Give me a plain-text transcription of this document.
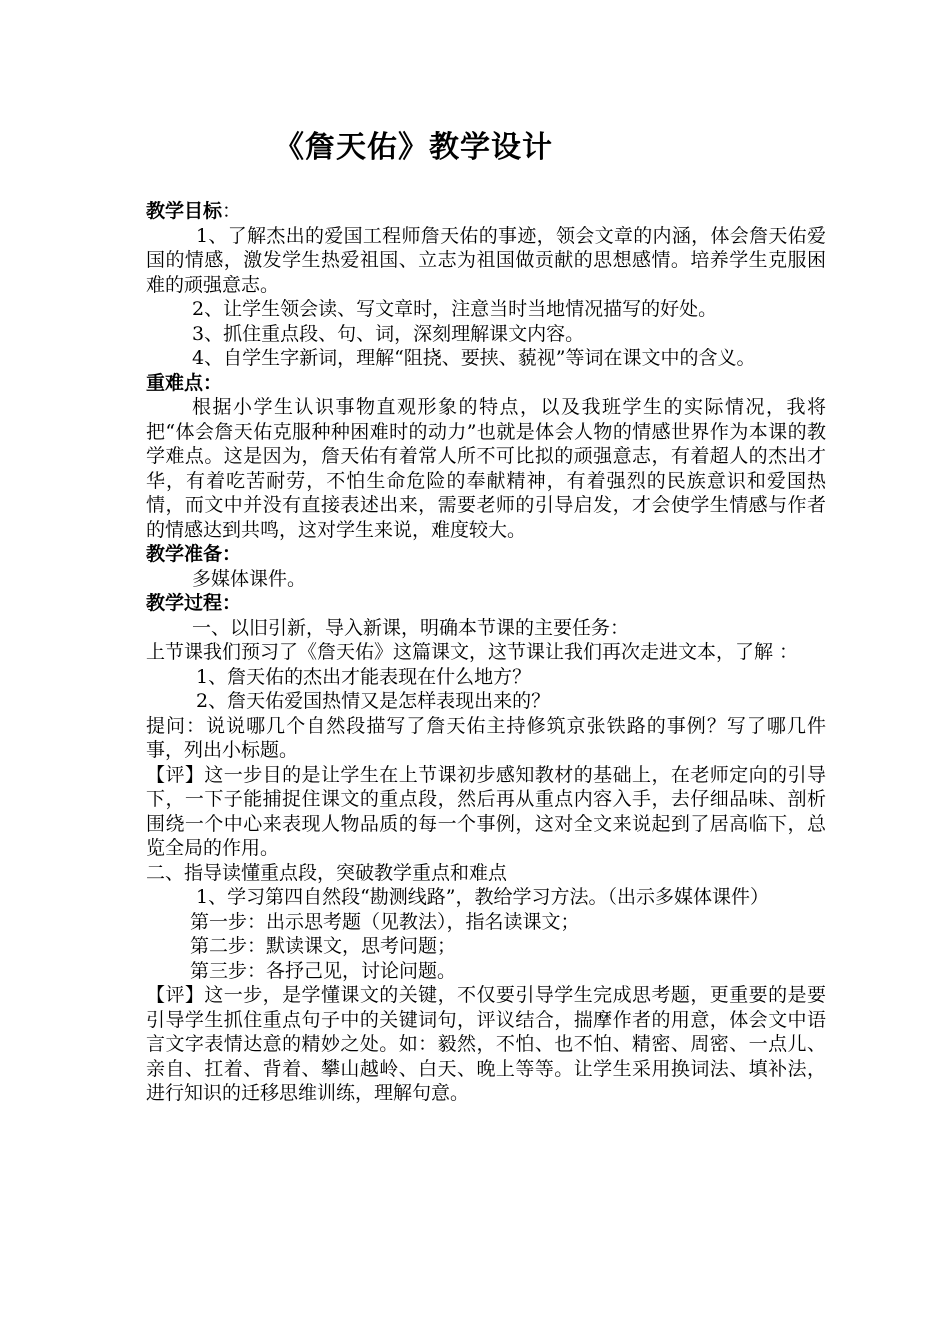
《詹天佑》教学设计
教学目标：

1、了解杰出的爱国工程师詹天佑的事迹，领会文章的内涵，体会詹天佑爱国的情感，激发学生热爱祖国、立志为祖国做贡献的思想感情。培养学生克服困难的顽强意志。

2、让学生领会读、写文章时，注意当时当地情况描写的好处。

3、抓住重点段、句、词，深刻理解课文内容。

4、自学生字新词，理解“阻挠、要挟、藐视”等词在课文中的含义。

重难点：

根据小学生认识事物直观形象的特点，以及我班学生的实际情况，我将把“体会詹天佑克服种种困难时的动力”也就是体会人物的情感世界作为本课的教学难点。这是因为，詹天佑有着常人所不可比拟的顽强意志，有着超人的杰出才华，有着吃苦耐劳，不怕生命危险的奉献精神，有着强烈的民族意识和爱国热情，而文中并没有直接表述出来，需要老师的引导启发，才会使学生情感与作者的情感达到共鸣，这对学生来说，难度较大。

教学准备：

多媒体课件。

教学过程：

一、以旧引新，导入新课，明确本节课的主要任务：

上节课我们预习了《詹天佑》这篇课文，这节课让我们再次走进文本，了解 ：

1、詹天佑的杰出才能表现在什么地方？

2、詹天佑爱国热情又是怎样表现出来的？

提问：说说哪几个自然段描写了詹天佑主持修筑京张铁路的事例？写了哪几件事，列出小标题。

【评】这一步目的是让学生在上节课初步感知教材的基础上，在老师定向的引导下，一下子能捕捉住课文的重点段，然后再从重点内容入手，去仔细品味、剖析围绕一个中心来表现人物品质的每一个事例，这对全文来说起到了居高临下，总览全局的作用。

二、指导读懂重点段，突破教学重点和难点

1、学习第四自然段“勘测线路”，教给学习方法。（出示多媒体课件）

第一步：出示思考题（见教法），指名读课文；

第二步：默读课文，思考问题；

第三步：各抒己见，讨论问题。

【评】这一步，是学懂课文的关键，不仅要引导学生完成思考题，更重要的是要引导学生抓住重点句子中的关键词句，评议结合，揣摩作者的用意，体会文中语言文字表情达意的精妙之处。如：毅然，不怕、也不怕、精密、周密、一点儿、亲自、扛着、背着、攀山越岭、白天、晚上等等。让学生采用换词法、填补法，进行知识的迁移思维训练，理解句意。
